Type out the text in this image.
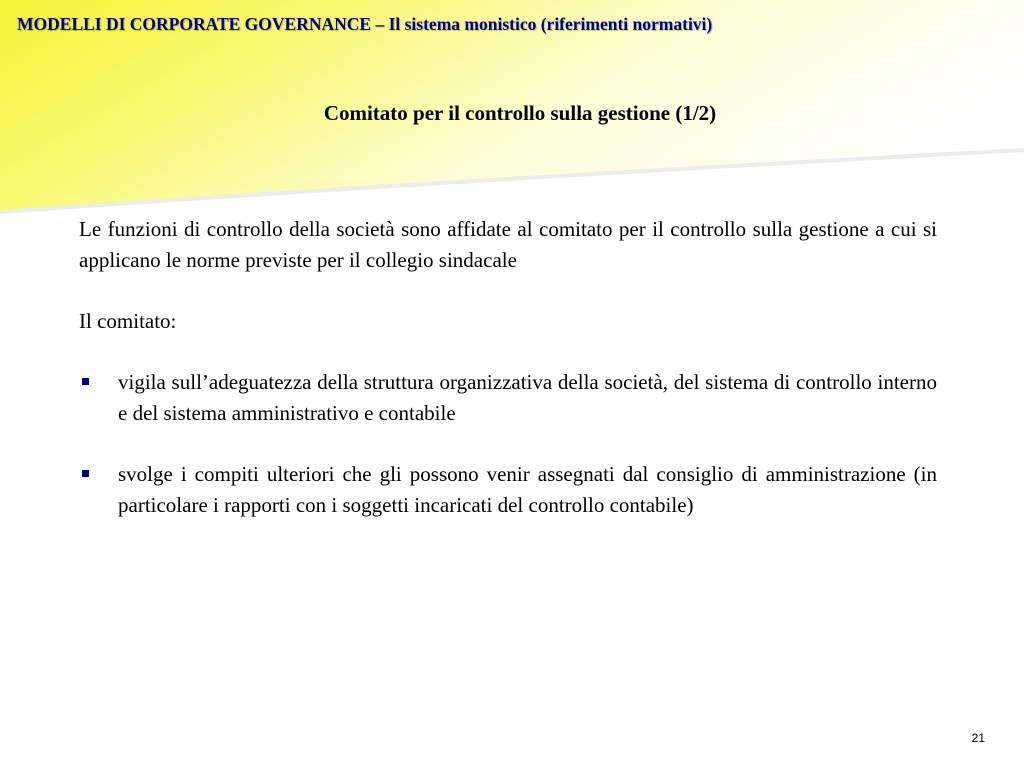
MODELLI DI CORPORATE GOVERNANCE – Il sistema monistico (riferimenti normativi)
Comitato per il controllo sulla gestione (1/2)

Le funzioni di controllo della società sono affidate al comitato per il controllo sulla gestione a cui si applicano le norme previste per il collegio sindacale

Il comitato:

vigila sull’adeguatezza della struttura organizzativa della società, del sistema di controllo interno e del sistema amministrativo e contabile
svolge i compiti ulteriori che gli possono venir assegnati dal consiglio di amministrazione (in particolare i rapporti con i soggetti incaricati del controllo contabile)
21
